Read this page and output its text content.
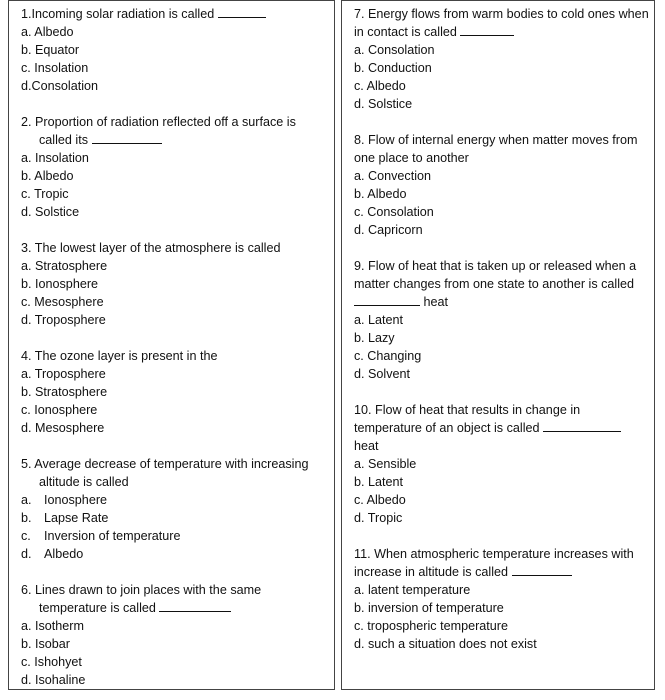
1.Incoming solar radiation is called
a. Albedo
b. Equator
c. Insolation
d.Consolation
2. Proportion of radiation reflected off a surface is
called its
a. Insolation
b. Albedo
c. Tropic
d. Solstice
3. The lowest layer of the atmosphere is called
a. Stratosphere
b. Ionosphere
c. Mesosphere
d. Troposphere
4. The ozone layer is present in the
a. Troposphere
b. Stratosphere
c. Ionosphere
d. Mesosphere
5. Average decrease of temperature with increasing
altitude is called
a. Ionosphere
b. Lapse Rate
c. Inversion of temperature
d. Albedo
6. Lines drawn to join places with the same
temperature is called
a. Isotherm
b. Isobar
c. Ishohyet
d. Isohaline
7. Energy flows from warm bodies to cold ones when
in contact is called
a. Consolation
b. Conduction
c. Albedo
d. Solstice
8. Flow of internal energy when matter moves from
one place to another
a. Convection
b. Albedo
c. Consolation
d. Capricorn
9. Flow of heat that is taken up or released when a
matter changes from one state to another is called
heat
a. Latent
b. Lazy
c. Changing
d. Solvent
10. Flow of heat that results in change in
temperature of an object is called
heat
a. Sensible
b. Latent
c. Albedo
d. Tropic
11. When atmospheric temperature increases with
increase in altitude is called
a. latent temperature
b. inversion of temperature
c. tropospheric temperature
d. such a situation does not exist
